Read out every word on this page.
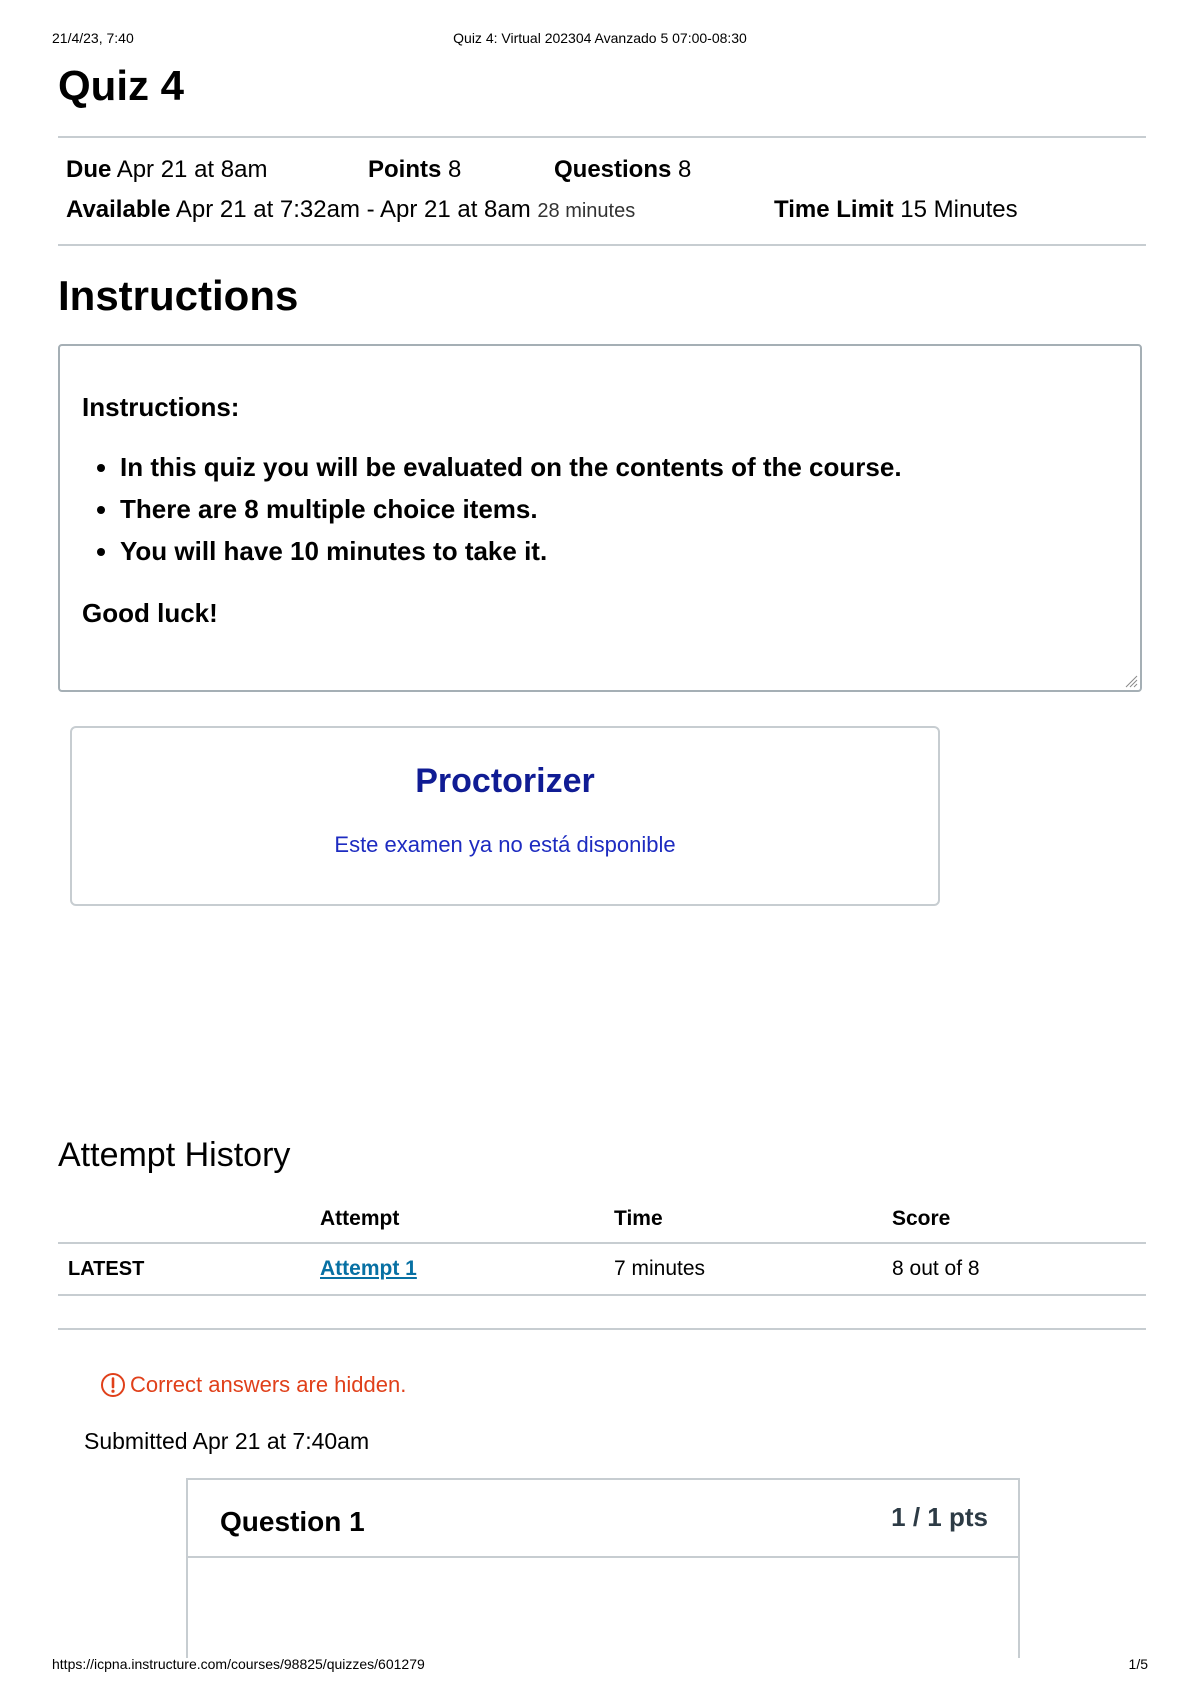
21/4/23, 7:40	Quiz 4: Virtual 202304 Avanzado 5 07:00-08:30
Quiz 4
Due Apr 21 at 8am	Points 8	Questions 8
Available Apr 21 at 7:32am - Apr 21 at 8am 28 minutes	Time Limit 15 Minutes
Instructions
Instructions:
• In this quiz you will be evaluated on the contents of the course.
• There are 8 multiple choice items.
• You will have 10 minutes to take it.
Good luck!
Proctorizer
Este examen ya no está disponible
Attempt History
	Attempt	Time	Score
LATEST	Attempt 1	7 minutes	8 out of 8
Correct answers are hidden.
Submitted Apr 21 at 7:40am
Question 1	1 / 1 pts
https://icpna.instructure.com/courses/98825/quizzes/601279	1/5
